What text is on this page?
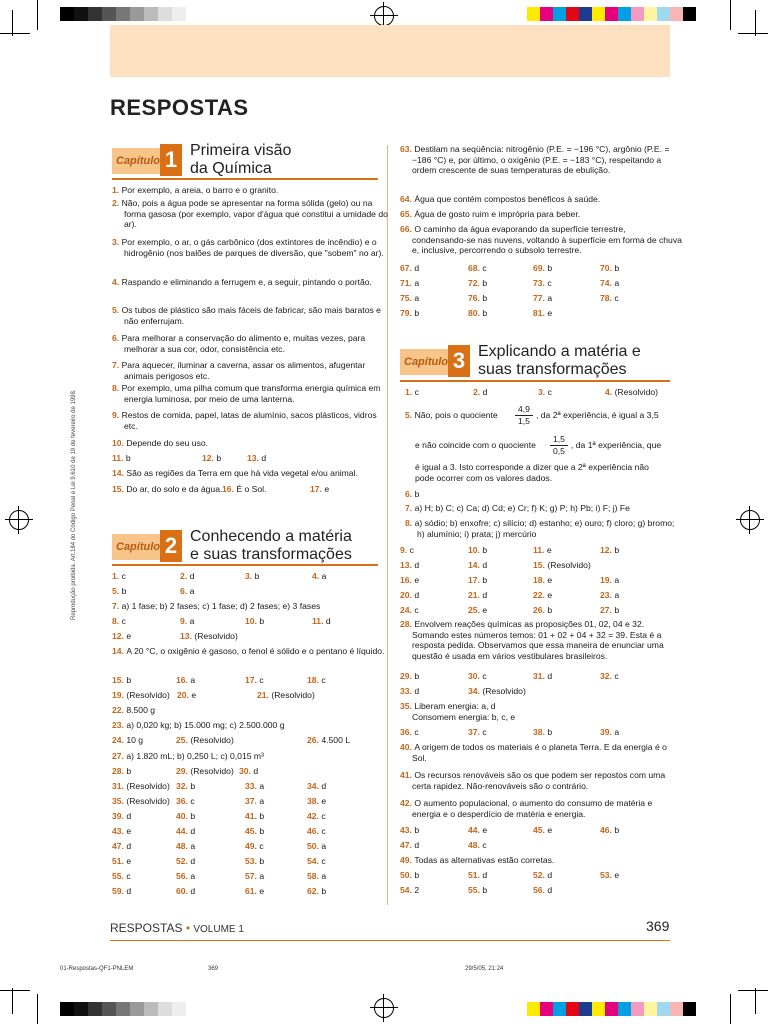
RESPOSTAS
Reprodução proibida. Art.184 do Código Penal e Lei 9.610 de 19 de fevereiro de 1998.
Capítulo 1 Primeira visão
da Química
1. Por exemplo, a areia, o barro e o granito.
2. Não, pois a água pode se apresentar na forma sólida (gelo) ou na forma gasosa (por exemplo, vapor d'água que constitui a umidade do ar).
3. Por exemplo, o ar, o gás carbônico (dos extintores de incêndio) e o hidrogênio (nos balões de parques de diversão, que "sobem" no ar).
4. Raspando e eliminando a ferrugem e, a seguir, pintando o portão.
5. Os tubos de plástico são mais fáceis de fabricar, são mais baratos e não enferrujam.
6. Para melhorar a conservação do alimento e, muitas vezes, para melhorar a sua cor, odor, consistência etc.
7. Para aquecer, iluminar a caverna, assar os alimentos, afugentar animais perigosos etc.
8. Por exemplo, uma pilha comum que transforma energia química em energia luminosa, por meio de uma lanterna.
9. Restos de comida, papel, latas de alumínio, sacos plásticos, vidros etc.
10. Depende do seu uso.
11. b	12. b	13. d
14. São as regiões da Terra em que há vida vegetal e/ou animal.
15. Do ar, do solo e da água. 16. É o Sol.	17. e
Capítulo 2 Conhecendo a matéria
e suas transformações
1. c	2. d	3. b	4. a
5. b	6. a
7. a) 1 fase; b) 2 fases; c) 1 fase; d) 2 fases; e) 3 fases
8. c	9. a	10. b	11. d
12. e	13. (Resolvido)
14. A 20 °C, o oxigênio é gasoso, o fenol é sólido e o pentano é líquido.
15. b	16. a	17. c	18. c
19. (Resolvido) 20. e	21. (Resolvido)
22. 8.500 g
23. a) 0,020 kg; b) 15.000 mg; c) 2.500.000 g
24. 10 g	25. (Resolvido)	26. 4.500 L
27. a) 1.820 mL; b) 0,250 L; c) 0,015 m³
28. b	29. (Resolvido) 30. d
31. (Resolvido) 32. b	33. a	34. d
35. (Resolvido) 36. c	37. a	38. e
39. d	40. b	41. b	42. c
43. e	44. d	45. b	46. c
47. d	48. a	49. c	50. a
51. e	52. d	53. b	54. c
55. c	56. a	57. a	58. a
59. d	60. d	61. e	62. b
63. Destilam na seqüência: nitrogênio (P.E. = −196 °C), argônio (P.E. = −186 °C) e, por último, o oxigênio (P.E. = −183 °C), respeitando a ordem crescente de suas temperaturas de ebulição.
64. Água que contém compostos benéficos à saúde.
65. Água de gosto ruim e imprópria para beber.
66. O caminho da água evaporando da superfície terrestre, condensando-se nas nuvens, voltando à superfície em forma de chuva e, inclusive, percorrendo o subsolo terrestre.
67. d	68. c	69. b	70. b
71. a	72. b	73. c	74. a
75. a	76. b	77. a	78. c
79. b	80. b	81. e
Capítulo 3 Explicando a matéria e
suas transformações
1. c	2. d	3. c	4. (Resolvido)
6. b
7. a) H; b) C; c) Ca; d) Cd; e) Cr; f) K; g) P; h) Pb; i) F; j) Fe
8. a) sódio; b) enxofre; c) silício; d) estanho; e) ouro; f) cloro; g) bromo; h) alumínio; i) prata; j) mercúrio
9. c	10. b	11. e	12. b
13. d	14. d	15. (Resolvido)
16. e	17. b	18. e	19. a
20. d	21. d	22. e	23. a
24. c	25. e	26. b	27. b
28. Envolvem reações químicas as proposições 01, 02, 04 e 32. Somando estes números temos: 01 + 02 + 04 + 32 = 39. Esta é a resposta pedida. Observamos que essa maneira de enunciar uma questão é usada em vários vestibulares brasileiros.
29. b	30. c	31. d	32. c
33. d	34. (Resolvido)
35. Liberam energia: a, d
Consomem energia: b, c, e
36. c	37. c	38. b	39. a
40. A origem de todos os materiais é o planeta Terra. E da energia é o Sol.
41. Os recursos renováveis são os que podem ser repostos com uma certa rapidez. Não-renováveis são o contrário.
42. O aumento populacional, o aumento do consumo de matéria e energia e o desperdício de matéria e energia.
43. b	44. e	45. e	46. b
47. d	48. c
49. Todas as alternativas estão corretas.
50. b	51. d	52. d	53. e
54. 2	55. b	56. d
5. Não, pois o quociente
4,9
1,5
, da 2ª experiência, é igual a 3,5
e não coincide com o quociente
1,5
0,5
, da 1ª experiência, que
é igual a 3. Isto corresponde a dizer que a 2ª experiência não pode ocorrer com os valores dados.
RESPOSTAS • VOLUME 1	369
01-Respostas-QF1-PNLEM	369	29/5/05, 21:24
